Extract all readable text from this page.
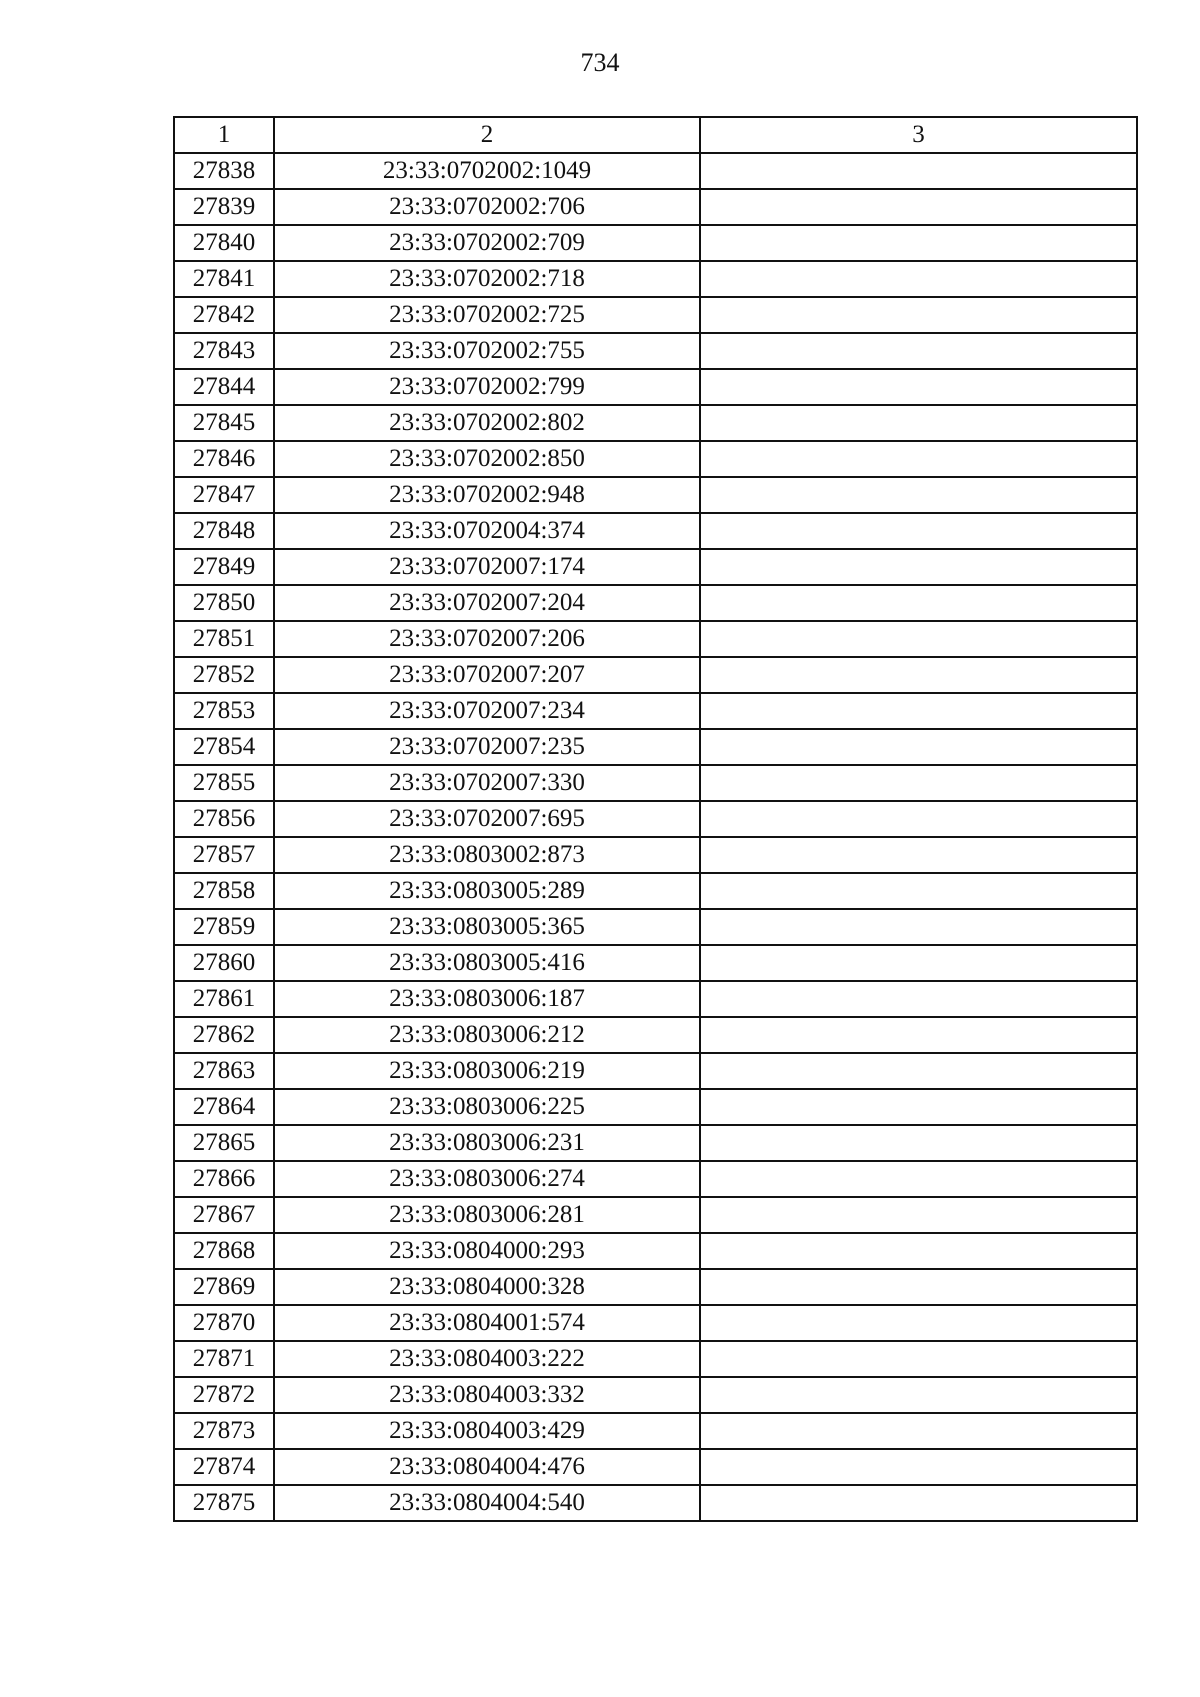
734
1	2	3
27838	23:33:0702002:1049	
27839	23:33:0702002:706	
27840	23:33:0702002:709	
27841	23:33:0702002:718	
27842	23:33:0702002:725	
27843	23:33:0702002:755	
27844	23:33:0702002:799	
27845	23:33:0702002:802	
27846	23:33:0702002:850	
27847	23:33:0702002:948	
27848	23:33:0702004:374	
27849	23:33:0702007:174	
27850	23:33:0702007:204	
27851	23:33:0702007:206	
27852	23:33:0702007:207	
27853	23:33:0702007:234	
27854	23:33:0702007:235	
27855	23:33:0702007:330	
27856	23:33:0702007:695	
27857	23:33:0803002:873	
27858	23:33:0803005:289	
27859	23:33:0803005:365	
27860	23:33:0803005:416	
27861	23:33:0803006:187	
27862	23:33:0803006:212	
27863	23:33:0803006:219	
27864	23:33:0803006:225	
27865	23:33:0803006:231	
27866	23:33:0803006:274	
27867	23:33:0803006:281	
27868	23:33:0804000:293	
27869	23:33:0804000:328	
27870	23:33:0804001:574	
27871	23:33:0804003:222	
27872	23:33:0804003:332	
27873	23:33:0804003:429	
27874	23:33:0804004:476	
27875	23:33:0804004:540	
